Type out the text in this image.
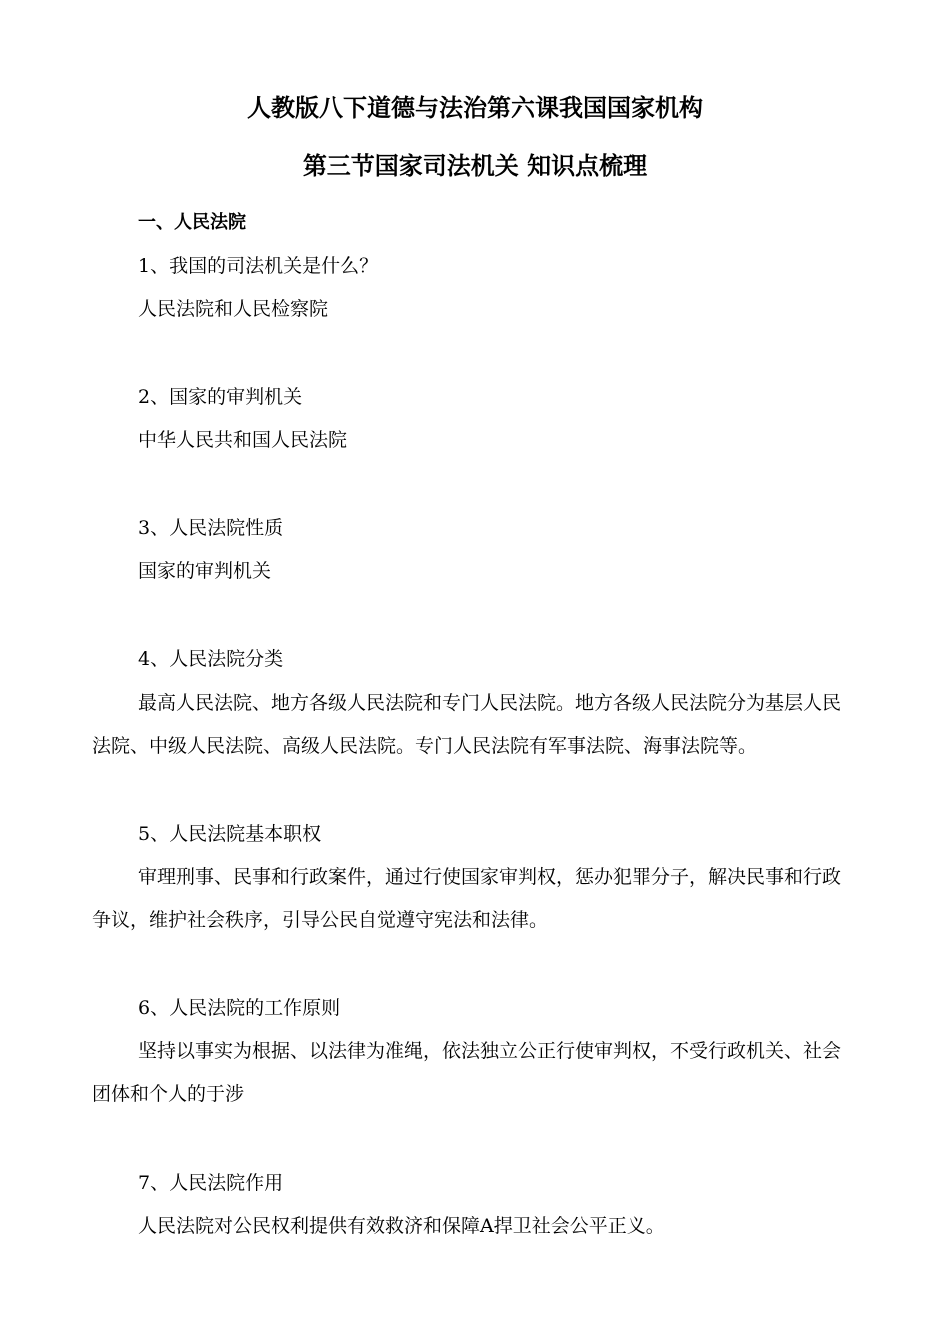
人教版八下道德与法治第六课我国国家机构
第三节国家司法机关 知识点梳理
一、人民法院
1、我国的司法机关是什么？
人民法院和人民检察院
2、国家的审判机关
中华人民共和国人民法院
3、人民法院性质
国家的审判机关
4、人民法院分类
最高人民法院、地方各级人民法院和专门人民法院。地方各级人民法院分为基层人民
法院、中级人民法院、高级人民法院。专门人民法院有军事法院、海事法院等。
5、人民法院基本职权
审理刑事、民事和行政案件，通过行使国家审判权，惩办犯罪分子，解决民事和行政
争议，维护社会秩序，引导公民自觉遵守宪法和法律。
6、人民法院的工作原则
坚持以事实为根据、以法律为准绳，依法独立公正行使审判权，不受行政机关、社会
团体和个人的于涉
7、人民法院作用
人民法院对公民权利提供有效救济和保障A捍卫社会公平正义。
